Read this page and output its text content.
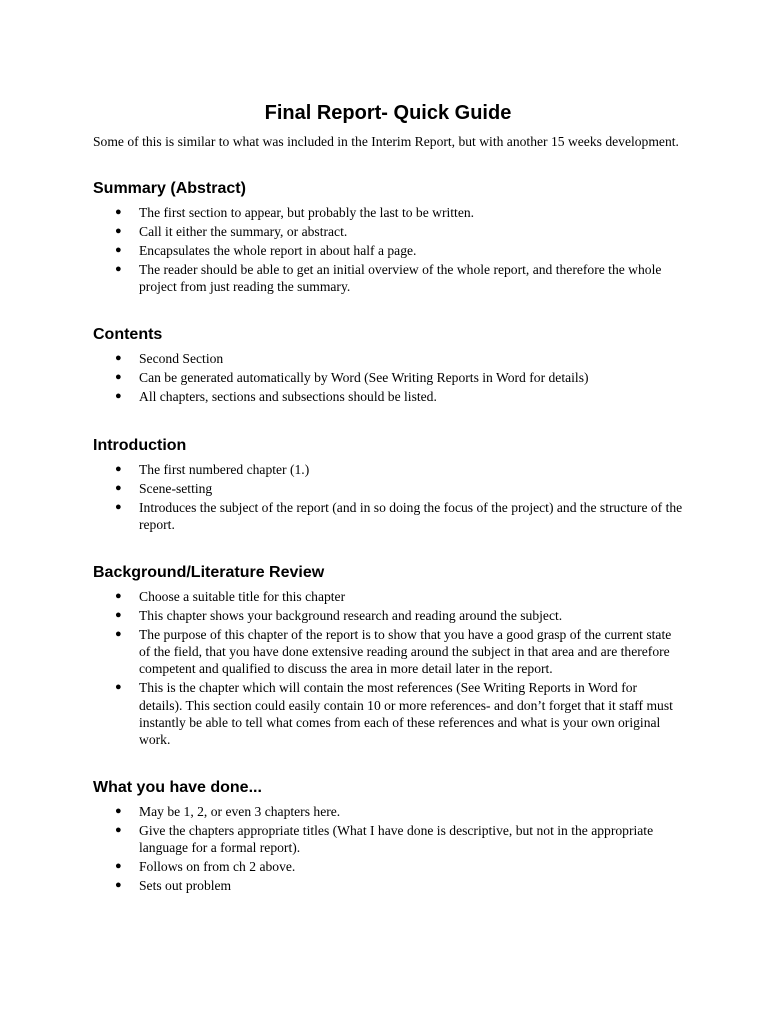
Final Report- Quick Guide

Some of this is similar to what was included in the Interim Report, but with another 15 weeks development.

Summary (Abstract)
● The first section to appear, but probably the last to be written.
● Call it either the summary, or abstract.
● Encapsulates the whole report in about half a page.
● The reader should be able to get an initial overview of the whole report, and therefore the whole project from just reading the summary.
Contents
● Second Section
● Can be generated automatically by Word (See Writing Reports in Word for details)
● All chapters, sections and subsections should be listed.
Introduction
● The first numbered chapter (1.)
● Scene-setting
● Introduces the subject of the report (and in so doing the focus of the project) and the structure of the report.
Background/Literature Review
● Choose a suitable title for this chapter
● This chapter shows your background research and reading around the subject.
● The purpose of this chapter of the report is to show that you have a good grasp of the current state of the field, that you have done extensive reading around the subject in that area and are therefore competent and qualified to discuss the area in more detail later in the report.
● This is the chapter which will contain the most references (See Writing Reports in Word for details). This section could easily contain 10 or more references- and don’t forget that it staff must instantly be able to tell what comes from each of these references and what is your own original work.
What you have done...
● May be 1, 2, or even 3 chapters here.
● Give the chapters appropriate titles (What I have done is descriptive, but not in the appropriate language for a formal report).
● Follows on from ch 2 above.
● Sets out problem
